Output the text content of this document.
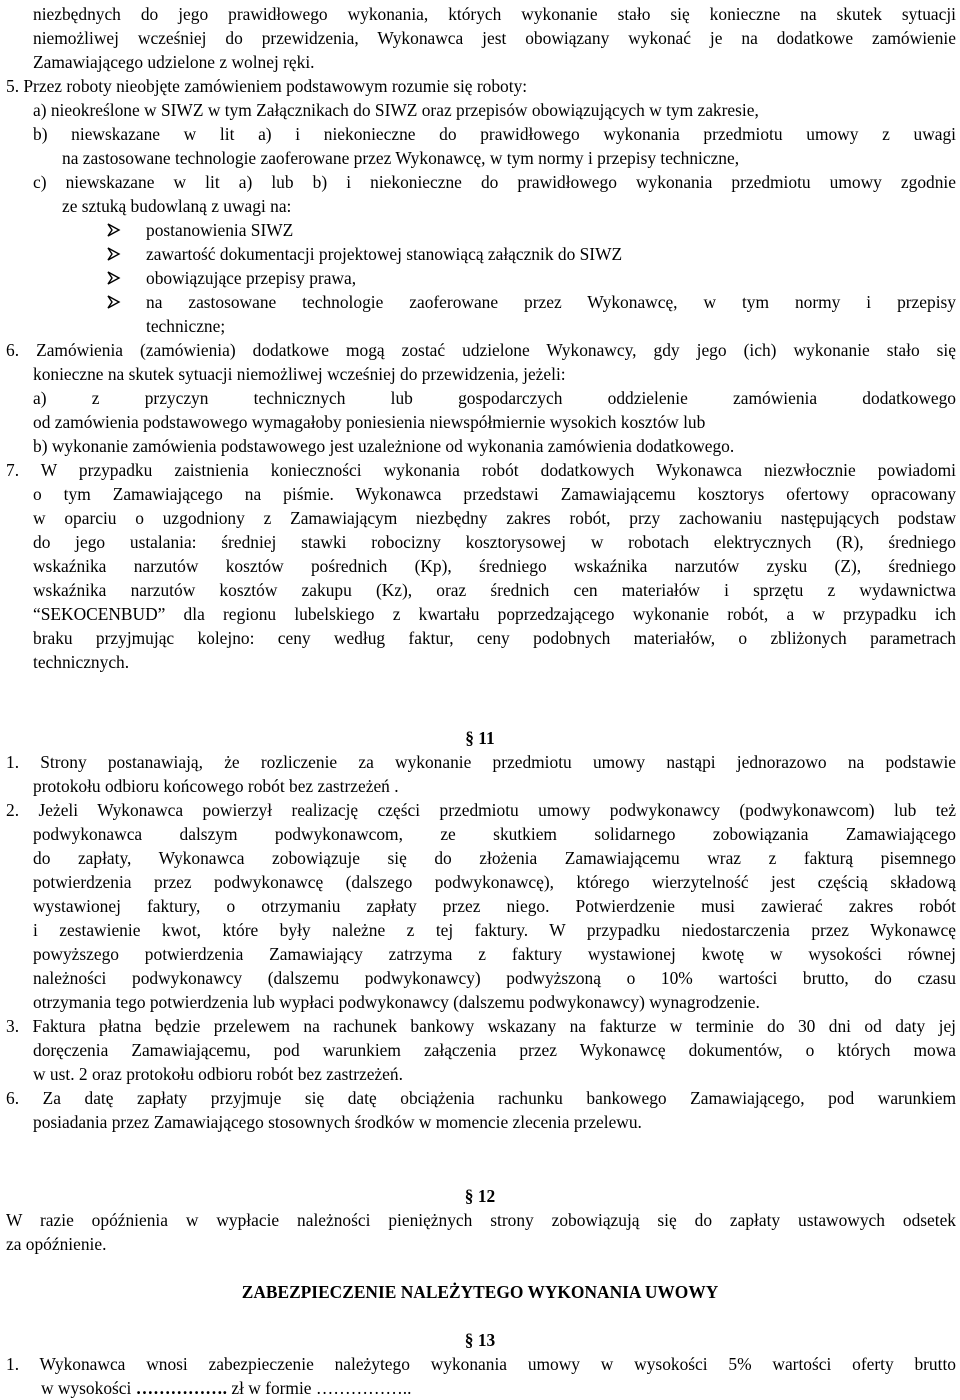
niezbędnych do jego prawidłowego wykonania, których wykonanie stało się konieczne na skutek sytuacji

niemożliwej wcześniej do przewidzenia, Wykonawca jest obowiązany wykonać je na dodatkowe zamówienie

Zamawiającego udzielone z wolnej ręki.

5. Przez roboty nieobjęte zamówieniem podstawowym rozumie się roboty:

a) nieokreślone w SIWZ w tym Załącznikach do SIWZ oraz przepisów obowiązujących w tym zakresie,

b) niewskazane w lit a) i niekonieczne do prawidłowego wykonania przedmiotu umowy z uwagi

na zastosowane technologie zaoferowane przez Wykonawcę, w tym normy i przepisy techniczne,

c) niewskazane w lit a) lub b) i niekonieczne do prawidłowego wykonania przedmiotu umowy zgodnie

ze sztuką budowlaną z uwagi na:

postanowienia SIWZ
zawartość dokumentacji projektowej stanowiącą załącznik do SIWZ
obowiązujące przepisy prawa,

na zastosowane technologie zaoferowane przez Wykonawcę, w tym normy i przepisy

techniczne;

6. Zamówienia (zamówienia) dodatkowe mogą zostać udzielone Wykonawcy, gdy jego (ich) wykonanie stało się

konieczne na skutek sytuacji niemożliwej wcześniej do przewidzenia, jeżeli:

a) z przyczyn technicznych lub gospodarczych oddzielenie zamówienia dodatkowego

od zamówienia podstawowego wymagałoby poniesienia niewspółmiernie wysokich kosztów lub

b) wykonanie zamówienia podstawowego jest uzależnione od wykonania zamówienia dodatkowego.

7. W przypadku zaistnienia konieczności wykonania robót dodatkowych Wykonawca niezwłocznie powiadomi

o tym Zamawiającego na piśmie. Wykonawca przedstawi Zamawiającemu kosztorys ofertowy opracowany

w oparciu o uzgodniony z Zamawiającym niezbędny zakres robót, przy zachowaniu następujących podstaw

do jego ustalania: średniej stawki robocizny kosztorysowej w robotach elektrycznych (R), średniego

wskaźnika narzutów kosztów pośrednich (Kp), średniego wskaźnika narzutów zysku (Z), średniego

wskaźnika narzutów kosztów zakupu (Kz), oraz średnich cen materiałów i sprzętu z wydawnictwa

“SEKOCENBUD” dla regionu lubelskiego z kwartału poprzedzającego wykonanie robót, a w przypadku ich

braku przyjmując kolejno: ceny według faktur, ceny podobnych materiałów, o zbliżonych parametrach

technicznych.

§ 11

1. Strony postanawiają, że rozliczenie za wykonanie przedmiotu umowy nastąpi jednorazowo na podstawie

protokołu odbioru końcowego robót bez zastrzeżeń .

2. Jeżeli Wykonawca powierzył realizację części przedmiotu umowy podwykonawcy (podwykonawcom) lub też

podwykonawca dalszym podwykonawcom, ze skutkiem solidarnego zobowiązania Zamawiającego

do zapłaty, Wykonawca zobowiązuje się do złożenia Zamawiającemu wraz z fakturą pisemnego

potwierdzenia przez podwykonawcę (dalszego podwykonawcę), którego wierzytelność jest częścią składową

wystawionej faktury, o otrzymaniu zapłaty przez niego. Potwierdzenie musi zawierać zakres robót

i zestawienie kwot, które były należne z tej faktury. W przypadku niedostarczenia przez Wykonawcę

powyższego potwierdzenia Zamawiający zatrzyma z faktury wystawionej kwotę w wysokości równej

należności podwykonawcy (dalszemu podwykonawcy) podwyższoną o 10% wartości brutto, do czasu

otrzymania tego potwierdzenia lub wypłaci podwykonawcy (dalszemu podwykonawcy) wynagrodzenie.

3. Faktura płatna będzie przelewem na rachunek bankowy wskazany na fakturze w terminie do 30 dni od daty jej

doręczenia Zamawiającemu, pod warunkiem załączenia przez Wykonawcę dokumentów, o których mowa

w ust. 2 oraz protokołu odbioru robót bez zastrzeżeń.

6. Za datę zapłaty przyjmuje się datę obciążenia rachunku bankowego Zamawiającego, pod warunkiem

posiadania przez Zamawiającego stosownych środków w momencie zlecenia przelewu.

§ 12

W razie opóźnienia w wypłacie należności pieniężnych strony zobowiązują się do zapłaty ustawowych odsetek

za opóźnienie.

ZABEZPIECZENIE NALEŻYTEGO WYKONANIA UWOWY

§ 13

1. Wykonawca wnosi zabezpieczenie należytego wykonania umowy w wysokości 5% wartości oferty brutto

w wysokości ……………. zł w formie ……………..
